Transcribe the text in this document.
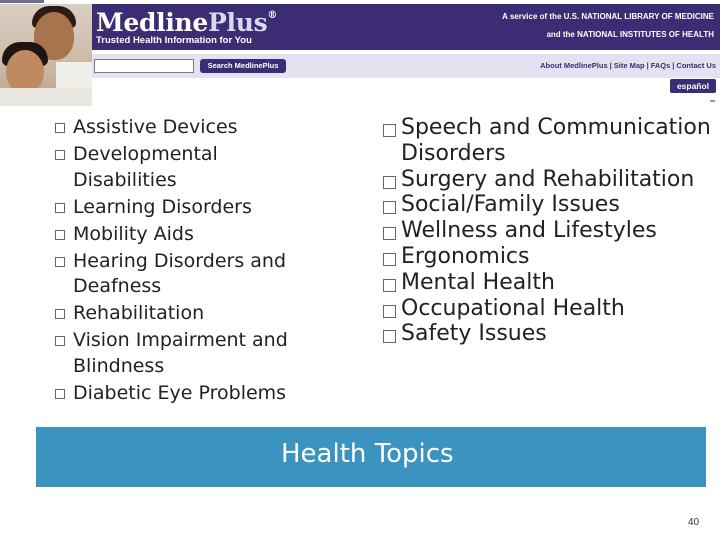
MedlinePlus®
Trusted Health Information for You
A service of the U.S. NATIONAL LIBRARY OF MEDICINE
and the NATIONAL INSTITUTES OF HEALTH
Search MedlinePlus	About MedlinePlus | Site Map | FAQs | Contact Us
español
Assistive Devices
Developmental Disabilities
Learning Disorders
Mobility Aids
Hearing Disorders and Deafness
Rehabilitation
Vision Impairment and Blindness
Diabetic Eye Problems
Speech and Communication Disorders
Surgery and Rehabilitation
Social/Family Issues
Wellness and Lifestyles
Ergonomics
Mental Health
Occupational Health
Safety Issues
Health Topics
40
